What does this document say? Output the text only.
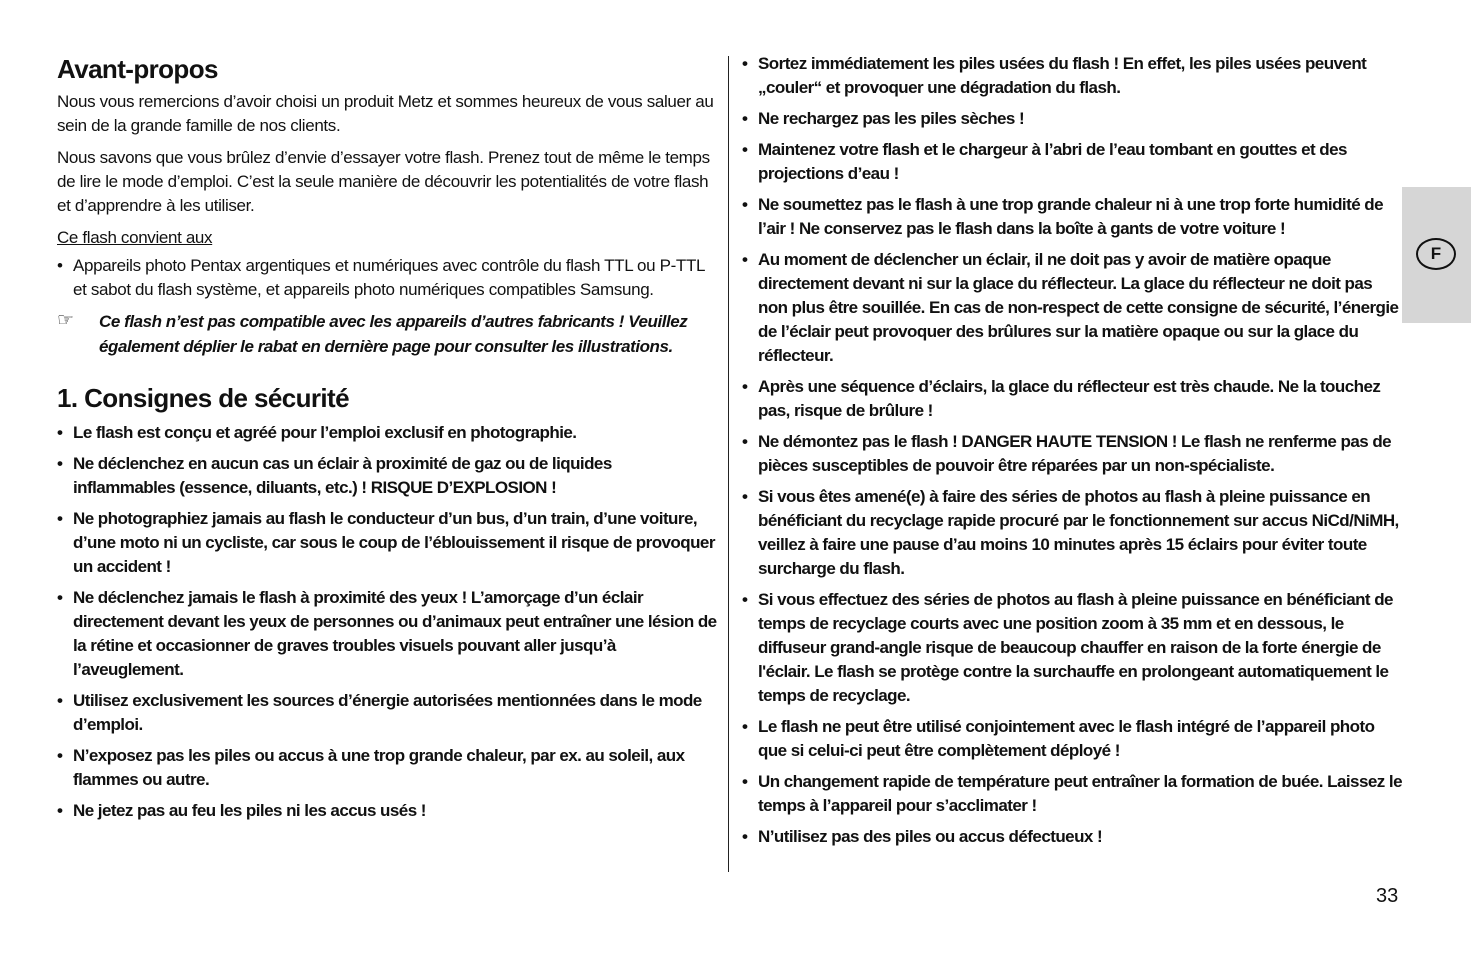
Avant-propos

Nous vous remercions d’avoir choisi un produit Metz et sommes heureux de vous saluer au sein de la grande famille de nos clients.

Nous savons que vous brûlez d’envie d’essayer votre flash. Prenez tout de même le temps de lire le mode d’emploi. C’est la seule manière de découvrir les potentialités de votre flash et d’apprendre à les utiliser.

Ce flash convient aux

• Appareils photo Pentax argentiques et numériques avec contrôle du flash TTL ou P-TTL et sabot du flash système, et appareils photo numériques compatibles Samsung.
☞ Ce flash n’est pas compatible avec les appareils d’autres fabricants ! Veuillez également déplier le rabat en dernière page pour consulter les illustrations.
1. Consignes de sécurité
• Le flash est conçu et agréé pour l’emploi exclusif en photographie.
• Ne déclenchez en aucun cas un éclair à proximité de gaz ou de liquides inflammables (essence, diluants, etc.) ! RISQUE D’EXPLOSION !
• Ne photographiez jamais au flash le conducteur d’un bus, d’un train, d’une voiture, d’une moto ni un cycliste, car sous le coup de l’éblouissement il risque de provoquer un accident !
• Ne déclenchez jamais le flash à proximité des yeux ! L’amorçage d’un éclair directement devant les yeux de personnes ou d’animaux peut entraîner une lésion de la rétine et occasionner de graves troubles visuels pouvant aller jusqu’à l’aveuglement.
• Utilisez exclusivement les sources d’énergie autorisées mentionnées dans le mode d’emploi.
• N’exposez pas les piles ou accus à une trop grande chaleur, par ex. au soleil, aux flammes ou autre.
• Ne jetez pas au feu les piles ni les accus usés !
• Sortez immédiatement les piles usées du flash ! En effet, les piles usées peuvent „couler“ et provoquer une dégradation du flash.
• Ne rechargez pas les piles sèches !
• Maintenez votre flash et le chargeur à l’abri de l’eau tombant en gouttes et des projections d’eau !
• Ne soumettez pas le flash à une trop grande chaleur ni à une trop forte humidité de l’air ! Ne conservez pas le flash dans la boîte à gants de votre voiture !
• Au moment de déclencher un éclair, il ne doit pas y avoir de matière opaque directement devant ni sur la glace du réflecteur. La glace du réflecteur ne doit pas non plus être souillée. En cas de non-respect de cette consigne de sécurité, l’énergie de l’éclair peut provoquer des brûlures sur la matière opaque ou sur la glace du réflecteur.
• Après une séquence d’éclairs, la glace du réflecteur est très chaude. Ne la touchez pas, risque de brûlure !
• Ne démontez pas le flash ! DANGER HAUTE TENSION ! Le flash ne renferme pas de pièces susceptibles de pouvoir être réparées par un non-spécialiste.
• Si vous êtes amené(e) à faire des séries de photos au flash à pleine puissance en bénéficiant du recyclage rapide procuré par le fonctionnement sur accus NiCd/NiMH, veillez à faire une pause d’au moins 10 minutes après 15 éclairs pour éviter toute surcharge du flash.
• Si vous effectuez des séries de photos au flash à pleine puissance en bénéficiant de temps de recyclage courts avec une position zoom à 35 mm et en dessous, le diffuseur grand-angle risque de beaucoup chauffer en raison de la forte énergie de l'éclair. Le flash se protège contre la surchauffe en prolongeant automatiquement le temps de recyclage.
• Le flash ne peut être utilisé conjointement avec le flash intégré de l’appareil photo que si celui-ci peut être complètement déployé !
• Un changement rapide de température peut entraîner la formation de buée. Laissez le temps à l’appareil pour s’acclimater !
• N’utilisez pas des piles ou accus défectueux !
F
33
